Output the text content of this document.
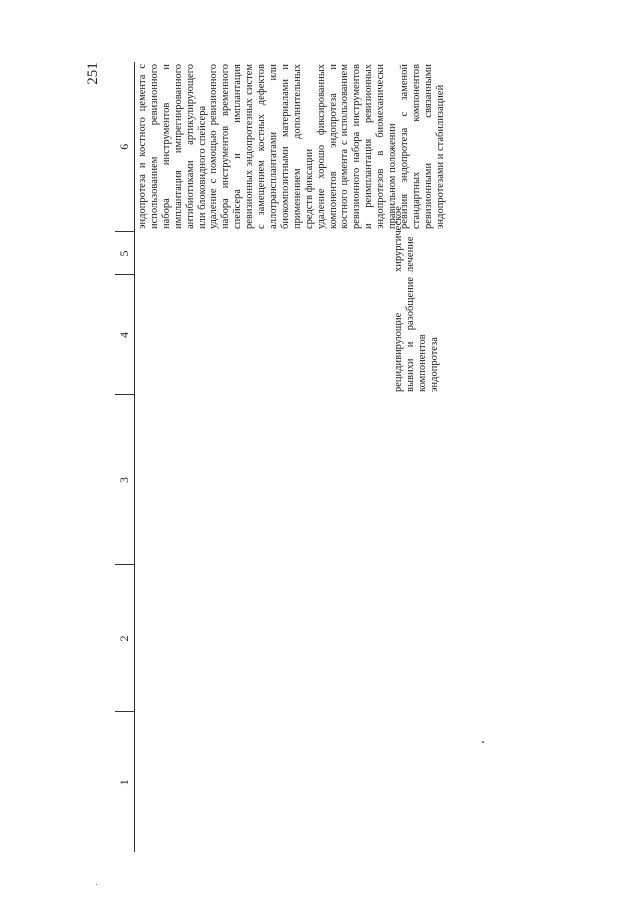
251
1	2	3	4	5	6

			рецидивирующие вывихи и разобщение компонентов эндопротеза	хирургическое лечение	эндопротеза и костного цемента с использованием ревизионного набора инструментов и имплантация импрегнированного антибиотиками артикулирующего или блоковидного спейсера удаление с помощью ревизионного набора инструментов временного спейсера и имплантация ревизионных эндопротезных систем с замещением костных дефектов аллотрансплантатами или биокомпозитными материалами и применением дополнительных средств фиксации удаление хорошо фиксированных компонентов эндопротеза и костного цемента с использованием ревизионного набора инструментов и реимплантация ревизионных эндопротезов в биомеханически правильном положении ревизия эндопротеза с заменой стандартных компонентов ревизионными связанными эндопротезами и стабилизацией
